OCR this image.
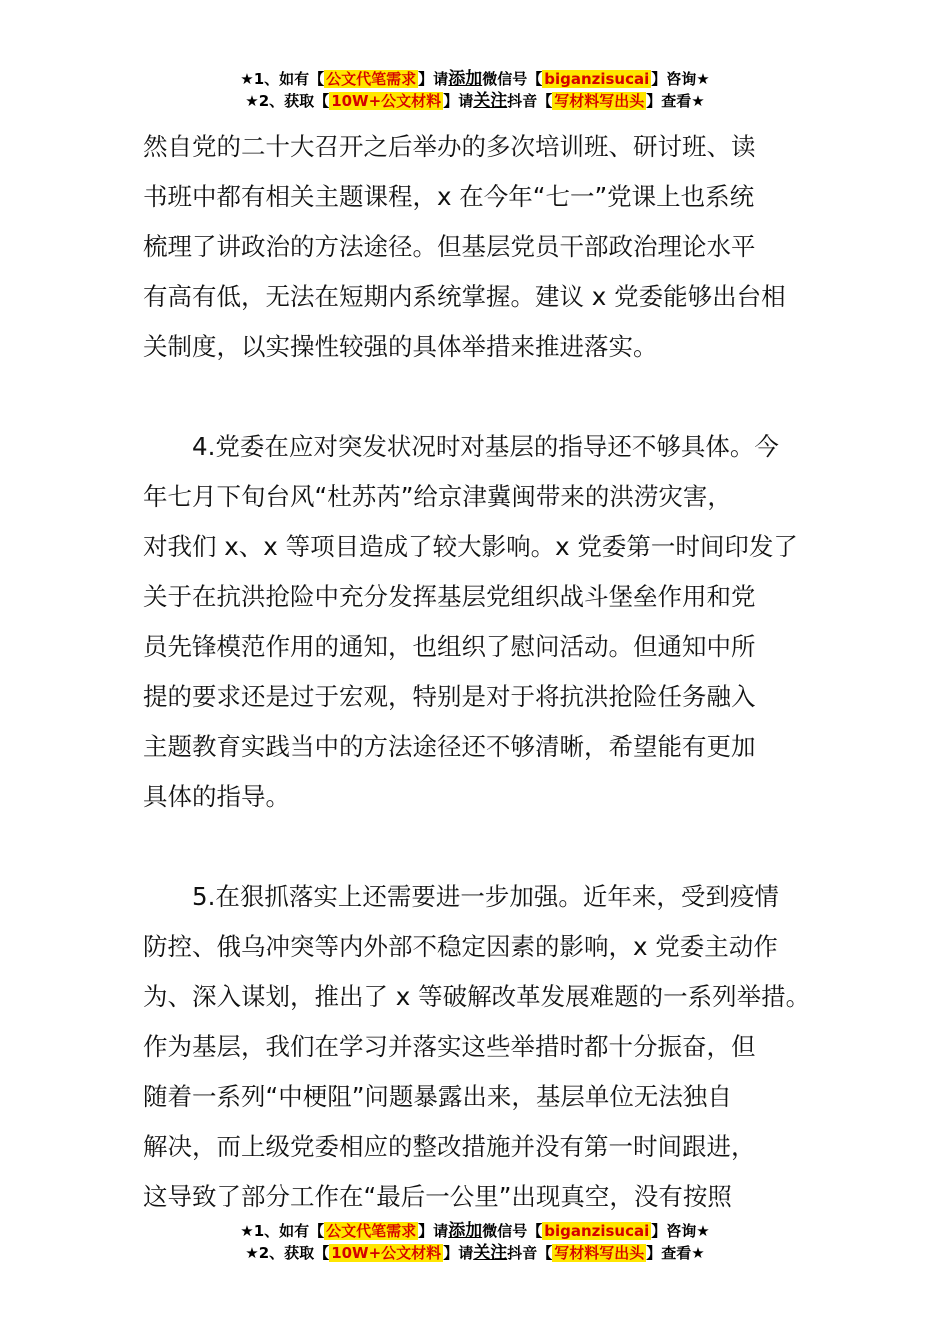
★1、如有【 公文代笔需求 】请添加微信号【 biganzisucai 】咨询★
★2、获取【 10W+公文材料 】请关注抖音【 写材料写出头 】查看★

然自党的二十大召开之后举办的多次培训班、研讨班、读

书班中都有相关主题课程，x 在今年“七一”党课上也系统

梳理了讲政治的方法途径。但基层党员干部政治理论水平

有高有低，无法在短期内系统掌握。建议 x 党委能够出台相

关制度，以实操性较强的具体举措来推进落实。

4.党委在应对突发状况时对基层的指导还不够具体。今

年七月下旬台风“杜苏芮”给京津冀闽带来的洪涝灾害，

对我们 x、x 等项目造成了较大影响。x 党委第一时间印发了

关于在抗洪抢险中充分发挥基层党组织战斗堡垒作用和党

员先锋模范作用的通知，也组织了慰问活动。但通知中所

提的要求还是过于宏观，特别是对于将抗洪抢险任务融入

主题教育实践当中的方法途径还不够清晰，希望能有更加

具体的指导。

5.在狠抓落实上还需要进一步加强。近年来，受到疫情

防控、俄乌冲突等内外部不稳定因素的影响，x 党委主动作

为、深入谋划，推出了 x 等破解改革发展难题的一系列举措。

作为基层，我们在学习并落实这些举措时都十分振奋，但

随着一系列“中梗阻”问题暴露出来，基层单位无法独自

解决，而上级党委相应的整改措施并没有第一时间跟进，

这导致了部分工作在“最后一公里”出现真空，没有按照

★1、如有【 公文代笔需求 】请添加微信号【 biganzisucai 】咨询★
★2、获取【 10W+公文材料 】请关注抖音【 写材料写出头 】查看★
